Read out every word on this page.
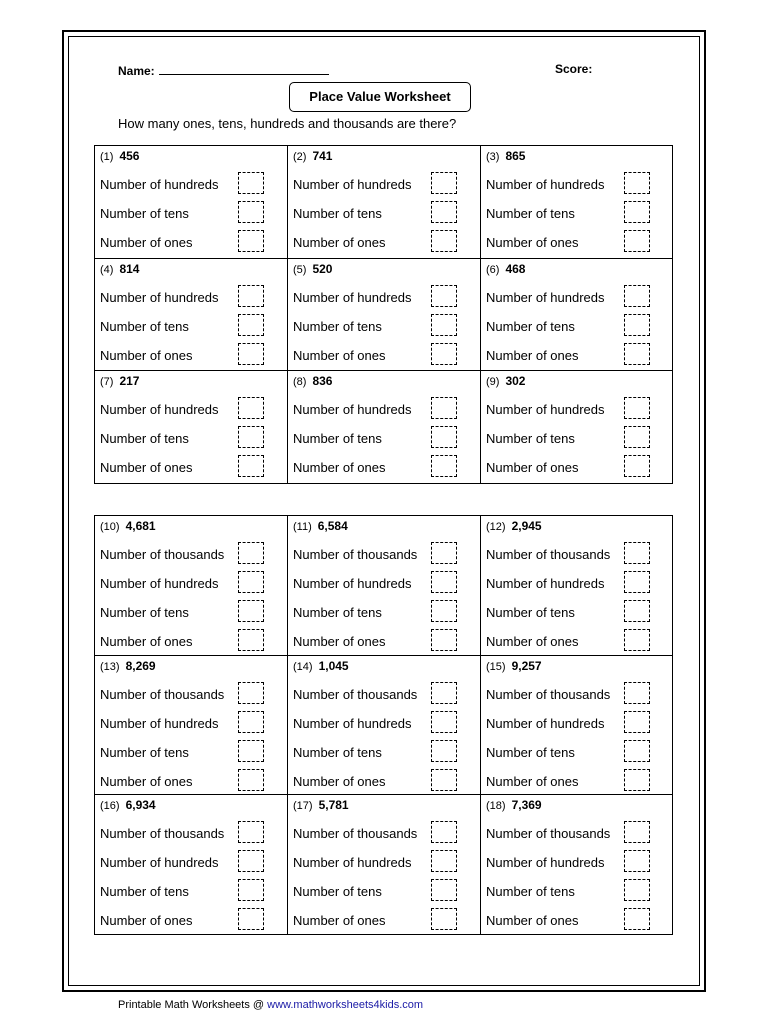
Name:	Score:
Place Value Worksheet
How many ones, tens, hundreds and thousands are there?
(1) 456
Number of hundreds
Number of tens
Number of ones
(2) 741
Number of hundreds
Number of tens
Number of ones
(3) 865
Number of hundreds
Number of tens
Number of ones
(4) 814
Number of hundreds
Number of tens
Number of ones
(5) 520
Number of hundreds
Number of tens
Number of ones
(6) 468
Number of hundreds
Number of tens
Number of ones
(7) 217
Number of hundreds
Number of tens
Number of ones
(8) 836
Number of hundreds
Number of tens
Number of ones
(9) 302
Number of hundreds
Number of tens
Number of ones
(10) 4,681
Number of thousands
Number of hundreds
Number of tens
Number of ones
(11) 6,584
Number of thousands
Number of hundreds
Number of tens
Number of ones
(12) 2,945
Number of thousands
Number of hundreds
Number of tens
Number of ones
(13) 8,269
Number of thousands
Number of hundreds
Number of tens
Number of ones
(14) 1,045
Number of thousands
Number of hundreds
Number of tens
Number of ones
(15) 9,257
Number of thousands
Number of hundreds
Number of tens
Number of ones
(16) 6,934
Number of thousands
Number of hundreds
Number of tens
Number of ones
(17) 5,781
Number of thousands
Number of hundreds
Number of tens
Number of ones
(18) 7,369
Number of thousands
Number of hundreds
Number of tens
Number of ones
Printable Math Worksheets @ www.mathworksheets4kids.com
